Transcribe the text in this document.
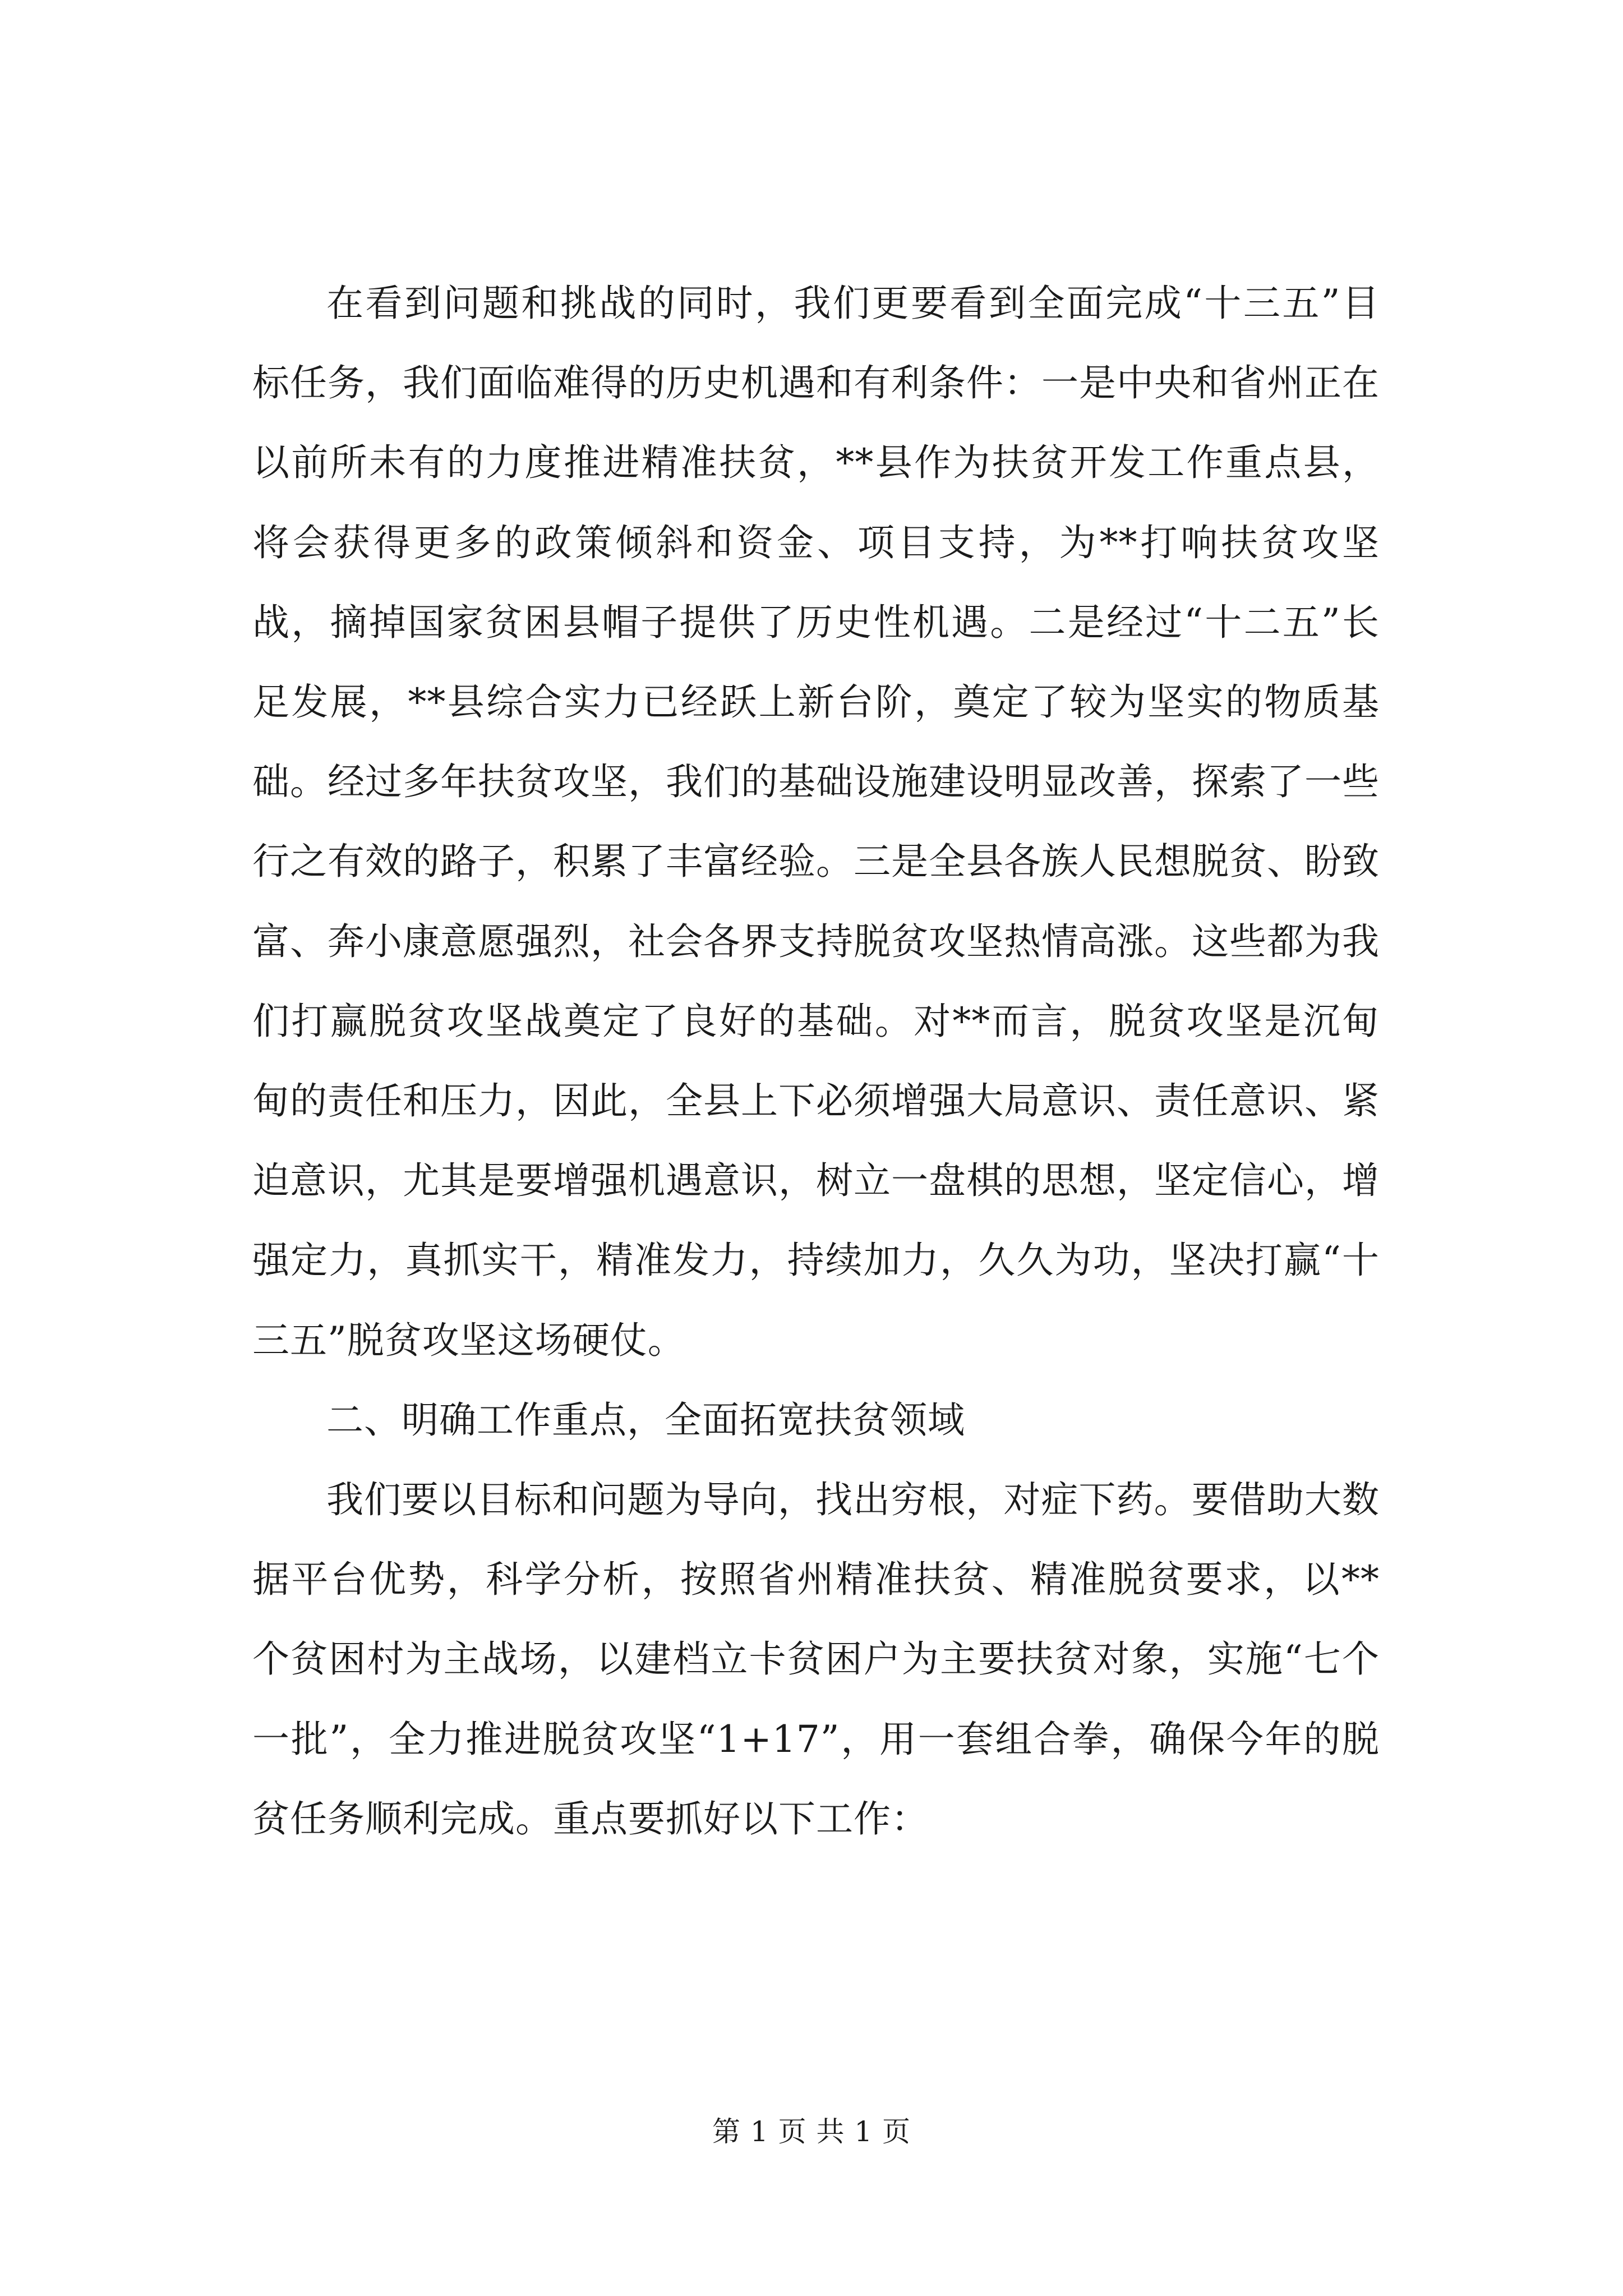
在看到问题和挑战的同时，我们更要看到全面完成“十三五”目标任务，我们面临难得的历史机遇和有利条件：一是中央和省州正在以前所未有的力度推进精准扶贫，**县作为扶贫开发工作重点县，将会获得更多的政策倾斜和资金、项目支持，为**打响扶贫攻坚战，摘掉国家贫困县帽子提供了历史性机遇。二是经过“十二五”长足发展，**县综合实力已经跃上新台阶，奠定了较为坚实的物质基础。经过多年扶贫攻坚，我们的基础设施建设明显改善，探索了一些行之有效的路子，积累了丰富经验。三是全县各族人民想脱贫、盼致富、奔小康意愿强烈，社会各界支持脱贫攻坚热情高涨。这些都为我们打赢脱贫攻坚战奠定了良好的基础。对**而言，脱贫攻坚是沉甸甸的责任和压力，因此，全县上下必须增强大局意识、责任意识、紧迫意识，尤其是要增强机遇意识，树立一盘棋的思想，坚定信心，增强定力，真抓实干，精准发力，持续加力，久久为功，坚决打赢“十三五”脱贫攻坚这场硬仗。

二、明确工作重点，全面拓宽扶贫领域

我们要以目标和问题为导向，找出穷根，对症下药。要借助大数据平台优势，科学分析，按照省州精准扶贫、精准脱贫要求，以**个贫困村为主战场，以建档立卡贫困户为主要扶贫对象，实施“七个一批”，全力推进脱贫攻坚“1+17”，用一套组合拳，确保今年的脱贫任务顺利完成。重点要抓好以下工作：

第 1 页 共 1 页
